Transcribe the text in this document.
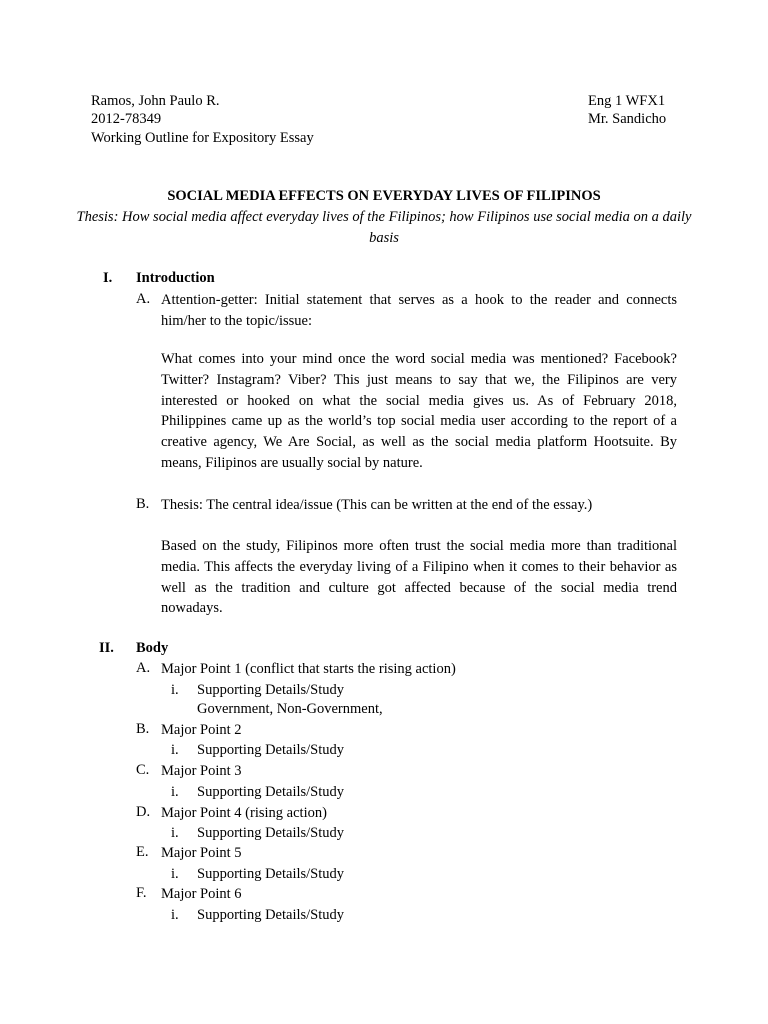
Ramos, John Paulo R.
2012-78349
Working Outline for Expository Essay
Eng 1 WFX1
Mr. Sandicho
SOCIAL MEDIA EFFECTS ON EVERYDAY LIVES OF FILIPINOS
Thesis: How social media affect everyday lives of the Filipinos; how Filipinos use social media on a daily basis
I. Introduction
A. Attention-getter: Initial statement that serves as a hook to the reader and connects him/her to the topic/issue:
What comes into your mind once the word social media was mentioned? Facebook? Twitter? Instagram? Viber? This just means to say that we, the Filipinos are very interested or hooked on what the social media gives us. As of February 2018, Philippines came up as the world’s top social media user according to the report of a creative agency, We Are Social, as well as the social media platform Hootsuite. By means, Filipinos are usually social by nature.
B. Thesis: The central idea/issue (This can be written at the end of the essay.)
Based on the study, Filipinos more often trust the social media more than traditional media. This affects the everyday living of a Filipino when it comes to their behavior as well as the tradition and culture got affected because of the social media trend nowadays.
II. Body
A. Major Point 1 (conflict that starts the rising action)
i. Supporting Details/Study
Government, Non-Government,
B. Major Point 2
i. Supporting Details/Study
C. Major Point 3
i. Supporting Details/Study
D. Major Point 4 (rising action)
i. Supporting Details/Study
E. Major Point 5
i. Supporting Details/Study
F. Major Point 6
i. Supporting Details/Study
